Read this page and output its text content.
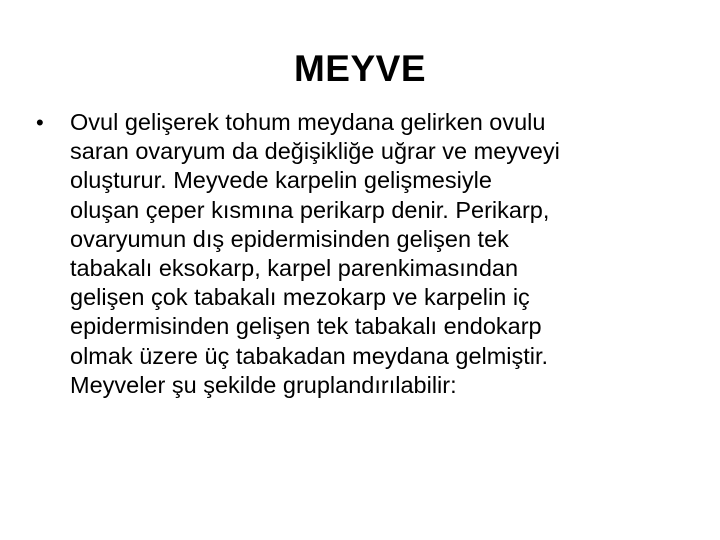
MEYVE
•	Ovul gelişerek tohum meydana gelirken ovulu
saran ovaryum da değişikliğe uğrar ve meyveyi
oluşturur. Meyvede karpelin gelişmesiyle
oluşan çeper kısmına perikarp denir. Perikarp,
ovaryumun dış epidermisinden gelişen tek
tabakalı eksokarp, karpel parenkimasından
gelişen çok tabakalı mezokarp ve karpelin iç
epidermisinden gelişen tek tabakalı endokarp
olmak üzere üç tabakadan meydana gelmiştir.
Meyveler şu şekilde gruplandırılabilir:
